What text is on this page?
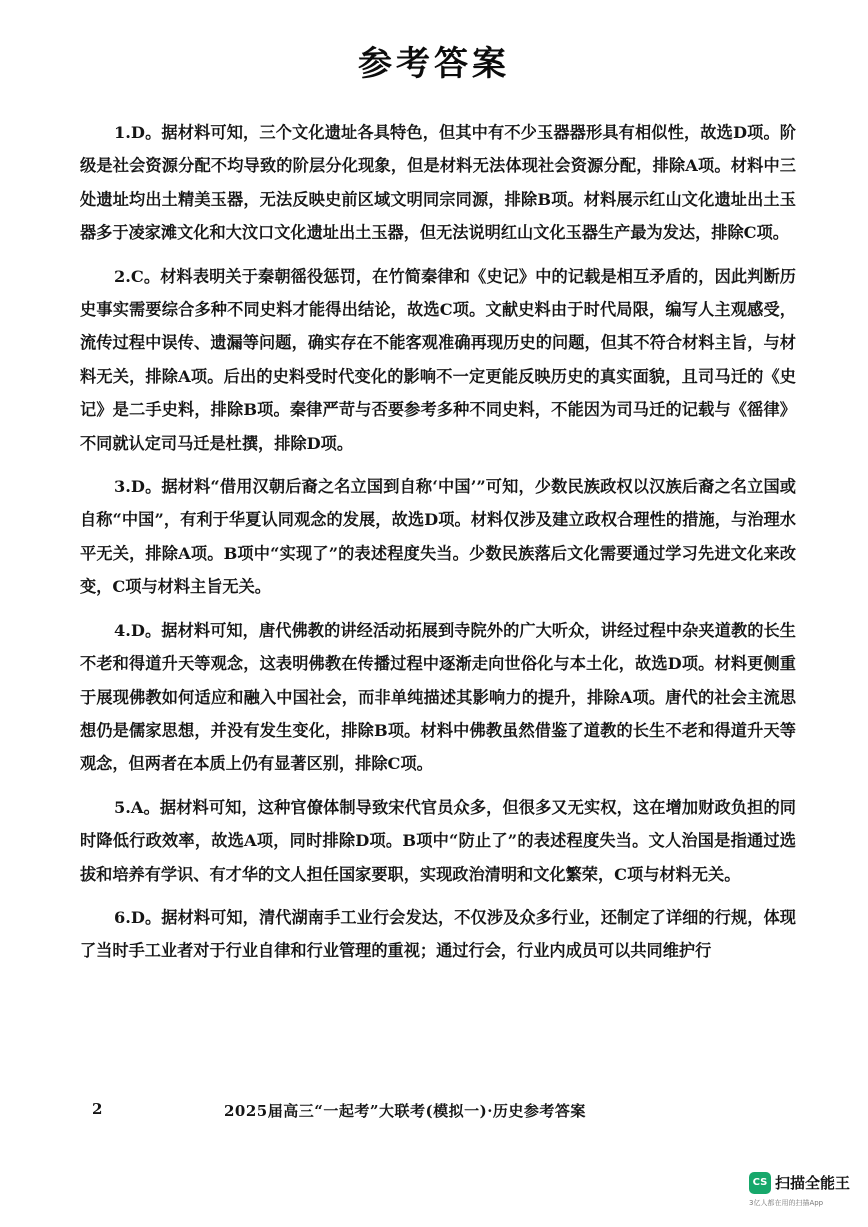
参考答案

1.D。据材料可知，三个文化遗址各具特色，但其中有不少玉器器形具有相似性，故选D项。阶级是社会资源分配不均导致的阶层分化现象，但是材料无法体现社会资源分配，排除A项。材料中三处遗址均出土精美玉器，无法反映史前区域文明同宗同源，排除B项。材料展示红山文化遗址出土玉器多于凌家滩文化和大汶口文化遗址出土玉器，但无法说明红山文化玉器生产最为发达，排除C项。

2.C。材料表明关于秦朝徭役惩罚，在竹简秦律和《史记》中的记载是相互矛盾的，因此判断历史事实需要综合多种不同史料才能得出结论，故选C项。文献史料由于时代局限，编写人主观感受，流传过程中误传、遗漏等问题，确实存在不能客观准确再现历史的问题，但其不符合材料主旨，与材料无关，排除A项。后出的史料受时代变化的影响不一定更能反映历史的真实面貌，且司马迁的《史记》是二手史料，排除B项。秦律严苛与否要参考多种不同史料，不能因为司马迁的记载与《徭律》不同就认定司马迁是杜撰，排除D项。

3.D。据材料“借用汉朝后裔之名立国到自称‘中国’”可知，少数民族政权以汉族后裔之名立国或自称“中国”，有利于华夏认同观念的发展，故选D项。材料仅涉及建立政权合理性的措施，与治理水平无关，排除A项。B项中“实现了”的表述程度失当。少数民族落后文化需要通过学习先进文化来改变，C项与材料主旨无关。

4.D。据材料可知，唐代佛教的讲经活动拓展到寺院外的广大听众，讲经过程中杂夹道教的长生不老和得道升天等观念，这表明佛教在传播过程中逐渐走向世俗化与本土化，故选D项。材料更侧重于展现佛教如何适应和融入中国社会，而非单纯描述其影响力的提升，排除A项。唐代的社会主流思想仍是儒家思想，并没有发生变化，排除B项。材料中佛教虽然借鉴了道教的长生不老和得道升天等观念，但两者在本质上仍有显著区别，排除C项。

5.A。据材料可知，这种官僚体制导致宋代官员众多，但很多又无实权，这在增加财政负担的同时降低行政效率，故选A项，同时排除D项。B项中“防止了”的表述程度失当。文人治国是指通过选拔和培养有学识、有才华的文人担任国家要职，实现政治清明和文化繁荣，C项与材料无关。

6.D。据材料可知，清代湖南手工业行会发达，不仅涉及众多行业，还制定了详细的行规，体现了当时手工业者对于行业自律和行业管理的重视；通过行会，行业内成员可以共同维护行

2	2025届高三“一起考”大联考(模拟一)·历史参考答案
CS 扫描全能王
3亿人都在用的扫描App
